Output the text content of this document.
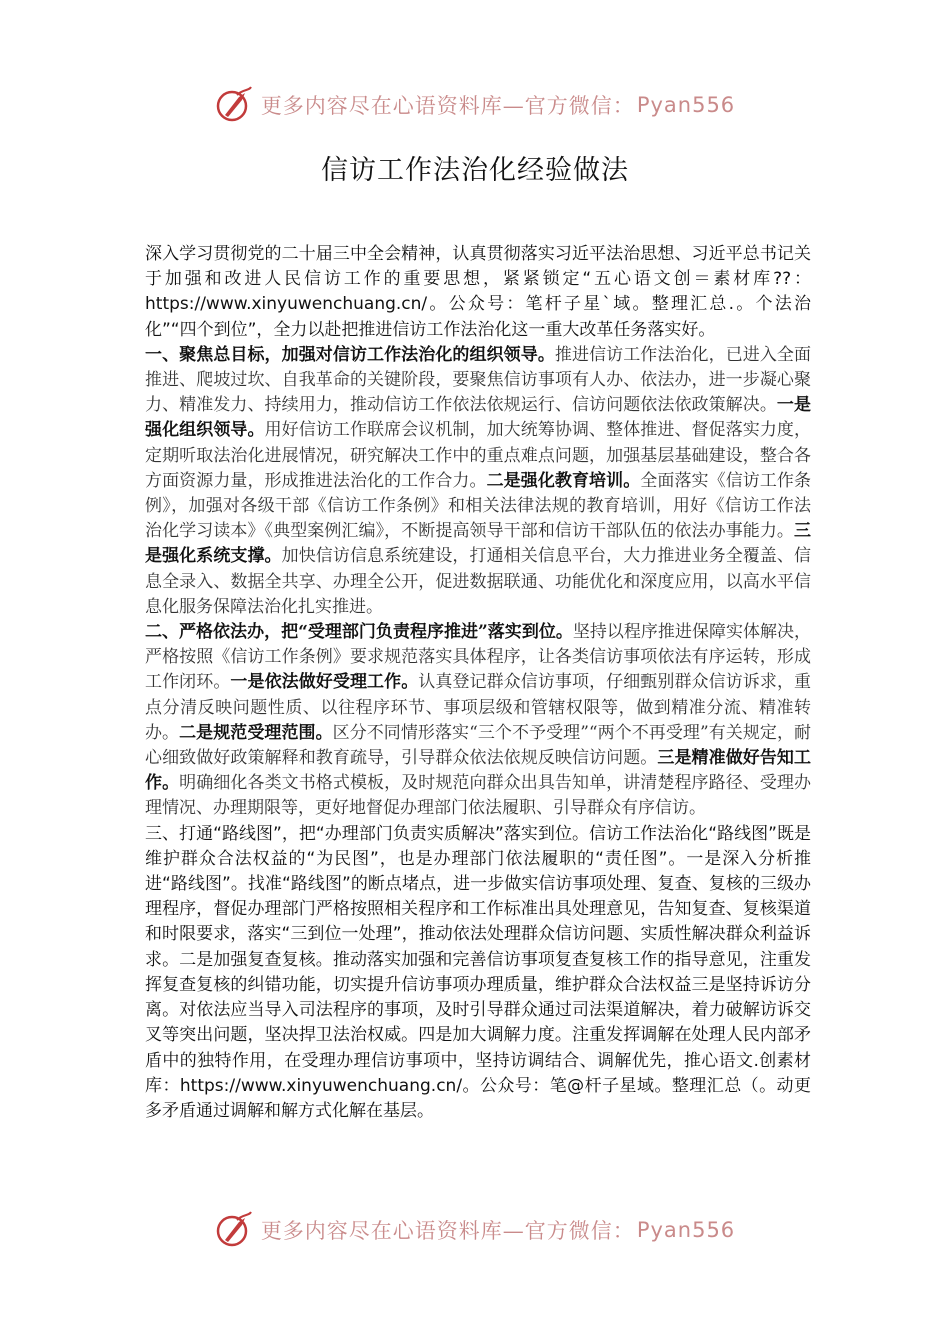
更多内容尽在心语资料库—官方微信： Pyan556
信访工作法治化经验做法

深入学习贯彻党的二十届三中全会精神，认真贯彻落实习近平法治思想、习近平总书记关于加强和改进人民信访工作的重要思想，紧紧锁定“五心语文创＝素材库??：https://www.xinyuwenchuang.cn/。公众号：笔杆子星`域。整理汇总.。个法治化”“四个到位”，全力以赴把推进信访工作法治化这一重大改革任务落实好。

一、聚焦总目标，加强对信访工作法治化的组织领导。推进信访工作法治化，已进入全面推进、爬坡过坎、自我革命的关键阶段，要聚焦信访事项有人办、依法办，进一步凝心聚力、精准发力、持续用力，推动信访工作依法依规运行、信访问题依法依政策解决。一是强化组织领导。用好信访工作联席会议机制，加大统筹协调、整体推进、督促落实力度，定期听取法治化进展情况，研究解决工作中的重点难点问题，加强基层基础建设，整合各方面资源力量，形成推进法治化的工作合力。二是强化教育培训。全面落实《信访工作条例》，加强对各级干部《信访工作条例》和相关法律法规的教育培训，用好《信访工作法治化学习读本》《典型案例汇编》，不断提高领导干部和信访干部队伍的依法办事能力。三是强化系统支撑。加快信访信息系统建设，打通相关信息平台，大力推进业务全覆盖、信息全录入、数据全共享、办理全公开，促进数据联通、功能优化和深度应用，以高水平信息化服务保障法治化扎实推进。

二、严格依法办，把“受理部门负责程序推进”落实到位。坚持以程序推进保障实体解决，严格按照《信访工作条例》要求规范落实具体程序，让各类信访事项依法有序运转，形成工作闭环。一是依法做好受理工作。认真登记群众信访事项，仔细甄别群众信访诉求，重点分清反映问题性质、以往程序环节、事项层级和管辖权限等，做到精准分流、精准转办。二是规范受理范围。区分不同情形落实“三个不予受理”“两个不再受理”有关规定，耐心细致做好政策解释和教育疏导，引导群众依法依规反映信访问题。三是精准做好告知工作。明确细化各类文书格式模板，及时规范向群众出具告知单，讲清楚程序路径、受理办理情况、办理期限等，更好地督促办理部门依法履职、引导群众有序信访。

三、打通“路线图”，把“办理部门负责实质解决”落实到位。信访工作法治化“路线图”既是维护群众合法权益的“为民图”，也是办理部门依法履职的“责任图”。一是深入分析推进“路线图”。找准“路线图”的断点堵点，进一步做实信访事项处理、复查、复核的三级办理程序，督促办理部门严格按照相关程序和工作标准出具处理意见，告知复查、复核渠道和时限要求，落实“三到位一处理”，推动依法处理群众信访问题、实质性解决群众利益诉求。二是加强复查复核。推动落实加强和完善信访事项复查复核工作的指导意见，注重发挥复查复核的纠错功能，切实提升信访事项办理质量，维护群众合法权益三是坚持诉访分离。对依法应当导入司法程序的事项，及时引导群众通过司法渠道解决，着力破解访诉交叉等突出问题，坚决捍卫法治权威。四是加大调解力度。注重发挥调解在处理人民内部矛盾中的独特作用，在受理办理信访事项中，坚持访调结合、调解优先，推心语文.创素材库：https://www.xinyuwenchuang.cn/。公众号：笔@杆子星域。整理汇总（。动更多矛盾通过调解和解方式化解在基层。

更多内容尽在心语资料库—官方微信： Pyan556
